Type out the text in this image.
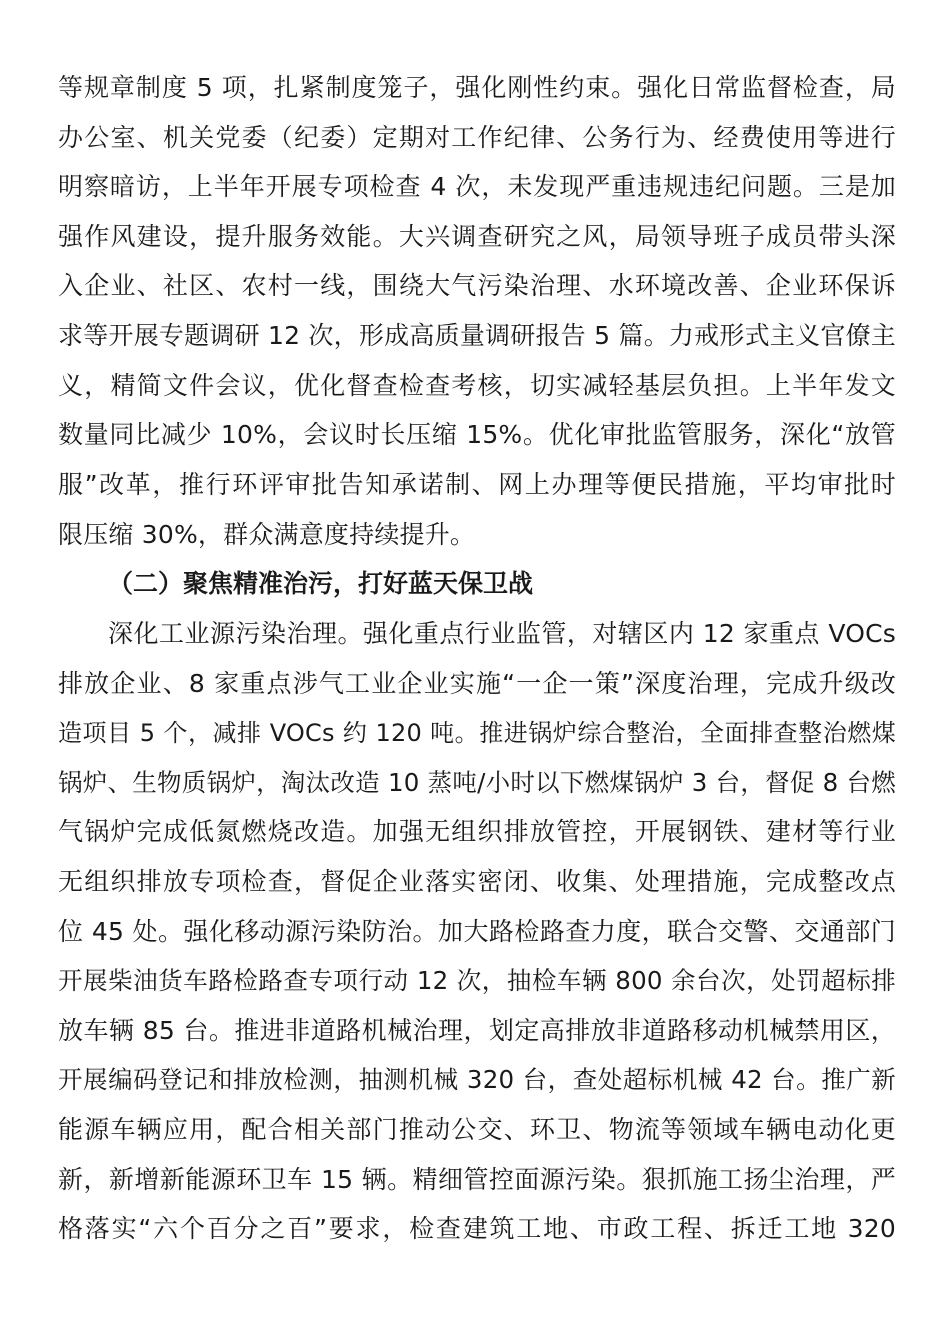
等规章制度 5 项，扎紧制度笼子，强化刚性约束。强化日常监督检查，局
办公室、机关党委（纪委）定期对工作纪律、公务行为、经费使用等进行
明察暗访，上半年开展专项检查 4 次，未发现严重违规违纪问题。三是加
强作风建设，提升服务效能。大兴调查研究之风，局领导班子成员带头深
入企业、社区、农村一线，围绕大气污染治理、水环境改善、企业环保诉
求等开展专题调研 12 次，形成高质量调研报告 5 篇。力戒形式主义官僚主
义，精简文件会议，优化督查检查考核，切实减轻基层负担。上半年发文
数量同比减少 10%，会议时长压缩 15%。优化审批监管服务，深化“放管
服”改革，推行环评审批告知承诺制、网上办理等便民措施，平均审批时
限压缩 30%，群众满意度持续提升。
（二）聚焦精准治污，打好蓝天保卫战
深化工业源污染治理。强化重点行业监管，对辖区内 12 家重点 VOCs
排放企业、8 家重点涉气工业企业实施“一企一策”深度治理，完成升级改
造项目 5 个，减排 VOCs 约 120 吨。推进锅炉综合整治，全面排查整治燃煤
锅炉、生物质锅炉，淘汰改造 10 蒸吨/小时以下燃煤锅炉 3 台，督促 8 台燃
气锅炉完成低氮燃烧改造。加强无组织排放管控，开展钢铁、建材等行业
无组织排放专项检查，督促企业落实密闭、收集、处理措施，完成整改点
位 45 处。强化移动源污染防治。加大路检路查力度，联合交警、交通部门
开展柴油货车路检路查专项行动 12 次，抽检车辆 800 余台次，处罚超标排
放车辆 85 台。推进非道路机械治理，划定高排放非道路移动机械禁用区，
开展编码登记和排放检测，抽测机械 320 台，查处超标机械 42 台。推广新
能源车辆应用，配合相关部门推动公交、环卫、物流等领域车辆电动化更
新，新增新能源环卫车 15 辆。精细管控面源污染。狠抓施工扬尘治理，严
格落实“六个百分之百”要求，检查建筑工地、市政工程、拆迁工地 320
